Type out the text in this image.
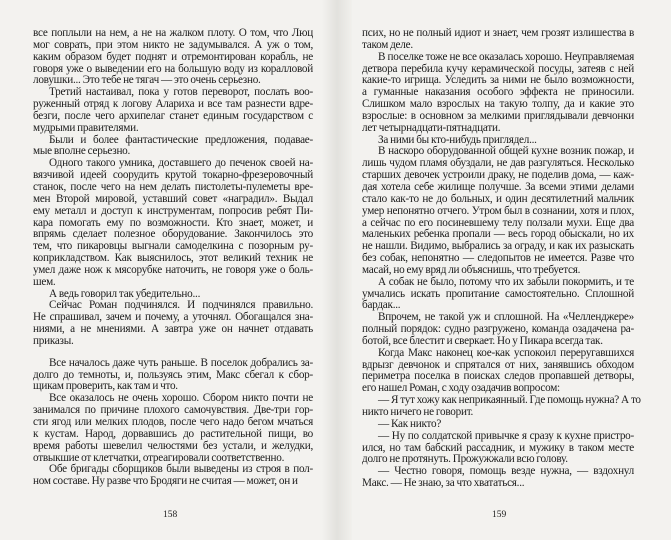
все поплыли на нем, а не на жалком плоту. О том, что Люц
мог соврать, при этом никто не задумывался. А уж о том,
каким образом будет поднят и отремонтирован корабль, не
говоря уже о выведении его на большую воду из коралловой
ловушки... Это тебе не тягач — это очень серьезно.
Третий настаивал, пока у готов переворот, послать воо-
руженный отряд к логову Алариха и все там разнести вдре-
безги, после чего архипелаг станет единым государством с
мудрыми правителями.
Были и более фантастические предложения, подавае-
мые вполне серьезно.
Одного такого умника, доставшего до печенок своей на-
вязчивой идеей соорудить крутой токарно-фрезеровочный
станок, после чего на нем делать пистолеты-пулеметы вре-
мен Второй мировой, уставший совет «наградил». Выдал
ему металл и доступ к инструментам, попросив ребят Пи-
кара помогать ему по возможности. Кто знает, может, и
впрямь сделает полезное оборудование. Закончилось это
тем, что пикаровцы выгнали самоделкина с позорным ру-
коприкладством. Как выяснилось, этот великий техник не
умел даже нож к мясорубке наточить, не говоря уже о боль-
шем.
А ведь говорил так убедительно...
Сейчас Роман подчинялся. И подчинялся правильно.
Не спрашивал, зачем и почему, а уточнял. Обогащался зна-
ниями, а не мнениями. А завтра уже он начнет отдавать
приказы.
Все началось даже чуть раньше. В поселок добрались за-
долго до темноты, и, пользуясь этим, Макс сбегал к сбор-
щикам проверить, как там и что.
Все оказалось не очень хорошо. Сбором никто почти не
занимался по причине плохого самочувствия. Две-три гор-
сти ягод или мелких плодов, после чего надо бегом мчаться
к кустам. Народ, дорвавшись до растительной пищи, во
время работы шевелил челюстями без устали, и желудки,
отвыкшие от клетчатки, отреагировали соответственно.
Обе бригады сборщиков были выведены из строя в пол-
ном составе. Ну разве что Бродяги не считая — может, он и
псих, но не полный идиот и знает, чем грозят излишества в
таком деле.
В поселке тоже не все оказалась хорошо. Неуправляемая
детвора перебила кучу керамической посуды, затеяв с ней
какие-то игрища. Уследить за ними не было возможности,
а гуманные наказания особого эффекта не приносили.
Слишком мало взрослых на такую толпу, да и какие это
взрослые: в основном за мелкими приглядывали девчонки
лет четырнадцати-пятнадцати.
За ними бы кто-нибудь приглядел...
В наскоро оборудованной общей кухне возник пожар, и
лишь чудом пламя обуздали, не дав разгуляться. Несколько
старших девочек устроили драку, не поделив дома, — каж-
дая хотела себе жилище получше. За всеми этими делами
стало как-то не до больных, и один десятилетний мальчик
умер непонятно отчего. Утром был в сознании, хотя и плох,
а сейчас по его посиневшему телу ползали мухи. Еще два
маленьких ребенка пропали — весь город обыскали, но их
не нашли. Видимо, выбрались за ограду, и как их разыскать
без собак, непонятно — следопытов не имеется. Разве что
масай, но ему вряд ли объяснишь, что требуется.
А собак не было, потому что их забыли покормить, и те
умчались искать пропитание самостоятельно. Сплошной
бардак...
Впрочем, не такой уж и сплошной. На «Челленджере»
полный порядок: судно разгружено, команда озадачена ра-
ботой, все блестит и сверкает. Но у Пикара всегда так.
Когда Макс наконец кое-как успокоил переругавшихся
вдрызг девчонок и спрятался от них, занявшись обходом
периметра поселка в поисках следов пропавшей детворы,
его нашел Роман, с ходу озадачив вопросом:
— Я тут хожу как неприкаянный. Где помощь нужна? А то
никто ничего не говорит.
— Как никто?
— Ну по солдатской привычке я сразу к кухне пристро-
ился, но там бабский рассадник, и мужику в таком месте
долго не протянуть. Прожужжали всю голову.
— Честно говоря, помощь везде нужна, — вздохнул
Макс. — Не знаю, за что хвататься...
158	159
